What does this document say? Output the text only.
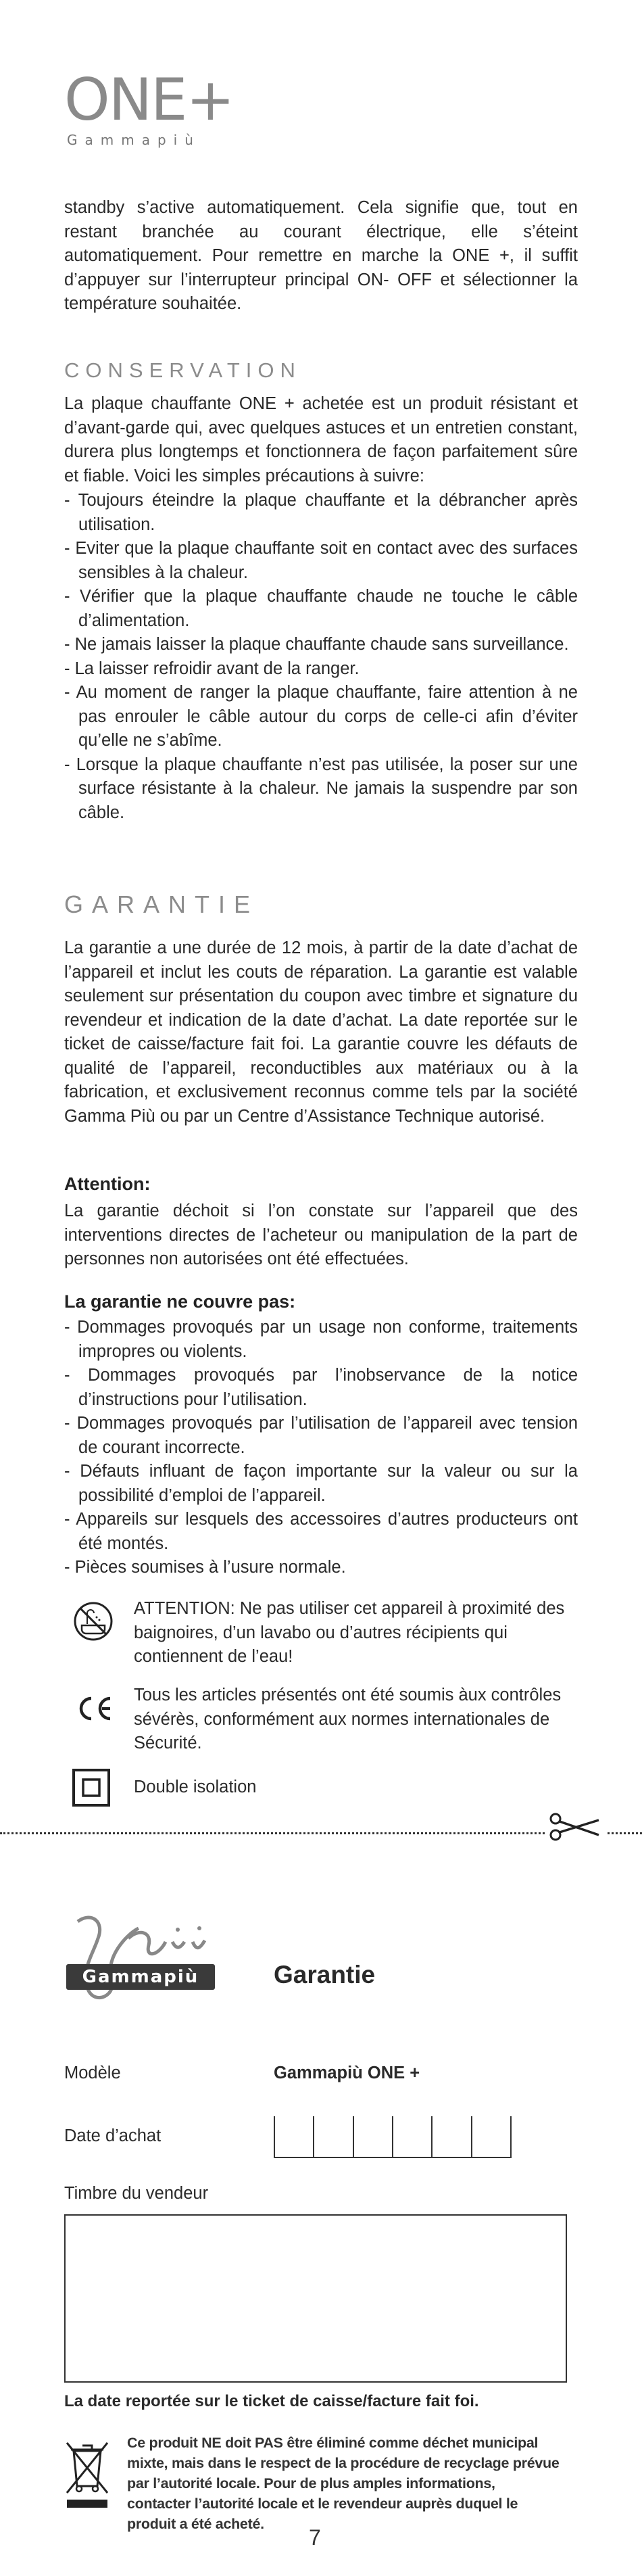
ONE+
Gammapiù
standby s’active automatiquement. Cela signifie que, tout en restant branchée au courant électrique, elle s’éteint automatiquement. Pour remettre en marche la ONE +, il suffit d’appuyer sur l’interrupteur principal ON- OFF et sélectionner la température souhaitée.
CONSERVATION
La plaque chauffante ONE + achetée est un produit résistant et d’avant-garde qui, avec quelques astuces et un entretien constant, durera plus longtemps et fonctionnera de façon parfaitement sûre et fiable. Voici les simples précautions à suivre:
- Toujours éteindre la plaque chauffante et la débrancher après utilisation.
- Eviter que la plaque chauffante soit en contact avec des surfaces sensibles à la chaleur.
- Vérifier que la plaque chauffante chaude ne touche le câble d’alimentation.
- Ne jamais laisser la plaque chauffante chaude sans surveillance.
- La laisser refroidir avant de la ranger.
- Au moment de ranger la plaque chauffante, faire attention à ne pas enrouler le câble autour du corps de celle-ci afin d’éviter qu’elle ne s’abîme.
- Lorsque la plaque chauffante n’est pas utilisée, la poser sur une surface résistante à la chaleur. Ne jamais la suspendre par son câble.
GARANTIE
La garantie a une durée de 12 mois, à partir de la date d’achat de l’appareil et inclut les couts de réparation. La garantie est valable seulement sur présentation du coupon avec timbre et signature du revendeur et indication de la date d’achat. La date reportée sur le ticket de caisse/facture fait foi. La garantie couvre les défauts de qualité de l’appareil, reconductibles aux matériaux ou à la fabrication, et exclusivement reconnus comme tels par la société Gamma Più ou par un Centre d’Assistance Technique autorisé.
Attention:
La garantie déchoit si l’on constate sur l’appareil que des interventions directes de l’acheteur ou manipulation de la part de personnes non autorisées ont été effectuées.
La garantie ne couvre pas:
- Dommages provoqués par un usage non conforme, traitements impropres ou violents.
- Dommages provoqués par l’inobservance de la notice d’instructions pour l’utilisation.
- Dommages provoqués par l’utilisation de l’appareil avec tension de courant incorrecte.
- Défauts influant de façon importante sur la valeur ou sur la possibilité d’emploi de l’appareil.
- Appareils sur lesquels des accessoires d’autres producteurs ont été montés.
- Pièces soumises à l’usure normale.
ATTENTION: Ne pas utiliser cet appareil à proximité des baignoires, d’un lavabo ou d’autres récipients qui contiennent de l’eau!
Tous les articles présentés ont été soumis àux contrôles sévérès, conformément aux normes internationales de Sécurité.
Double isolation
Gammapiù	Garantie
Modèle	Gammapiù ONE +
Date d’achat
Timbre du vendeur
La date reportée sur le ticket de caisse/facture fait foi.
Ce produit NE doit PAS être éliminé comme déchet municipal mixte, mais dans le respect de la procédure de recyclage prévue par l’autorité locale. Pour de plus amples informations, contacter l’autorité locale et le revendeur auprès duquel le produit a été acheté.
7
